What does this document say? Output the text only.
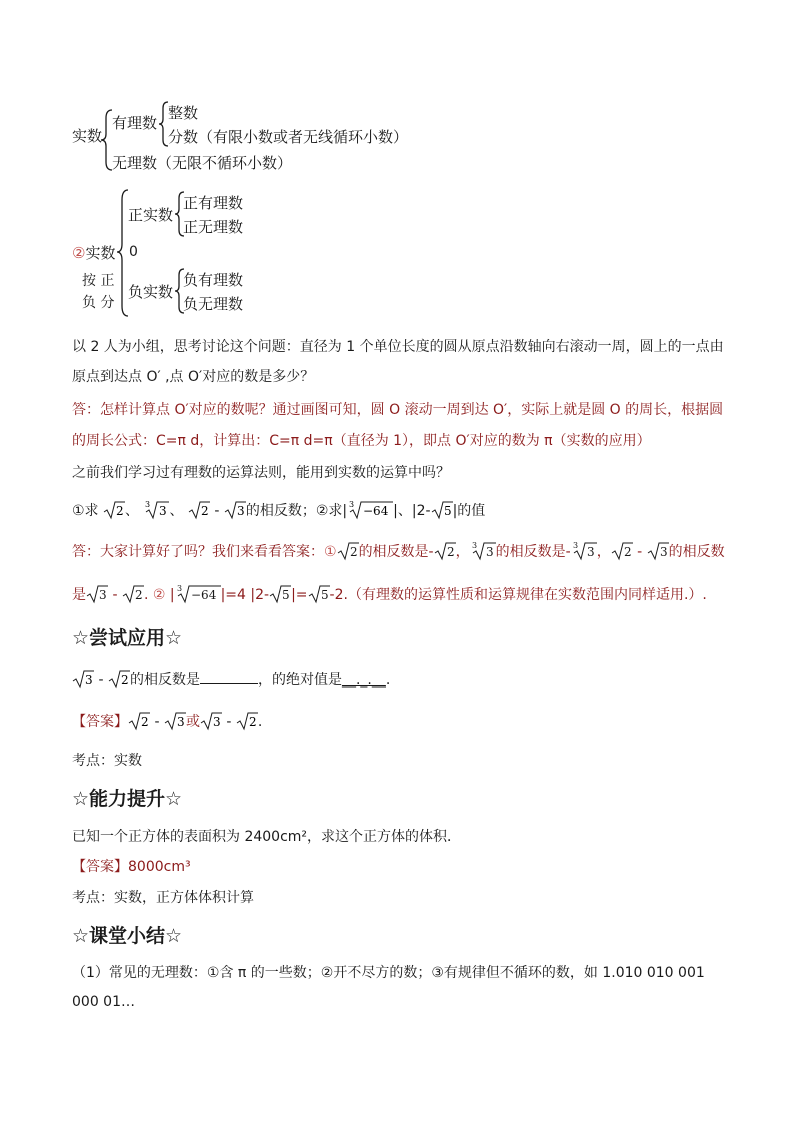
实数
有理数
整数
分数（有限小数或者无线循环小数）
无理数（无限不循环小数）
②实数
按 正
负 分
正实数
正有理数
正无理数
0
负实数
负有理数
负无理数
以 2 人为小组，思考讨论这个问题：直径为 1 个单位长度的圆从原点沿数轴向右滚动一周，圆上的一点由
原点到达点 O′ ,点 O′对应的数是多少？
答：怎样计算点 O′对应的数呢？通过画图可知，圆 O 滚动一周到达 O′，实际上就是圆 O 的周长，根据圆
的周长公式：C=π d，计算出：C=π d=π（直径为 1），即点 O′对应的数为 π（实数的应用）
之前我们学习过有理数的运算法则，能用到实数的运算中吗？
①求 2 、 3 3 、 2 - 3 的相反数；②求| 3 −64 |、|2- 5 |的值
答：大家计算好了吗？我们来看看答案：① 2 的相反数是- 2 ， 3 3 的相反数是- 3 3 ， 2 - 3 的相反数
是 3 - 2 . ② | 3 −64 |=4 |2- 5 |= 5 -2.（有理数的运算性质和运算规律在实数范围内同样适用.）.
☆尝试应用☆
3 - 2 的相反数是	，的绝对值是__._.__.
【答案】 2 - 3 或 3 - 2 .
考点：实数
☆能力提升☆
已知一个正方体的表面积为 2400cm²，求这个正方体的体积．
【答案】8000cm³
考点：实数，正方体体积计算
☆课堂小结☆
（1）常见的无理数：①含 π 的一些数；②开不尽方的数；③有规律但不循环的数，如 1.010 010 001
000 01…
